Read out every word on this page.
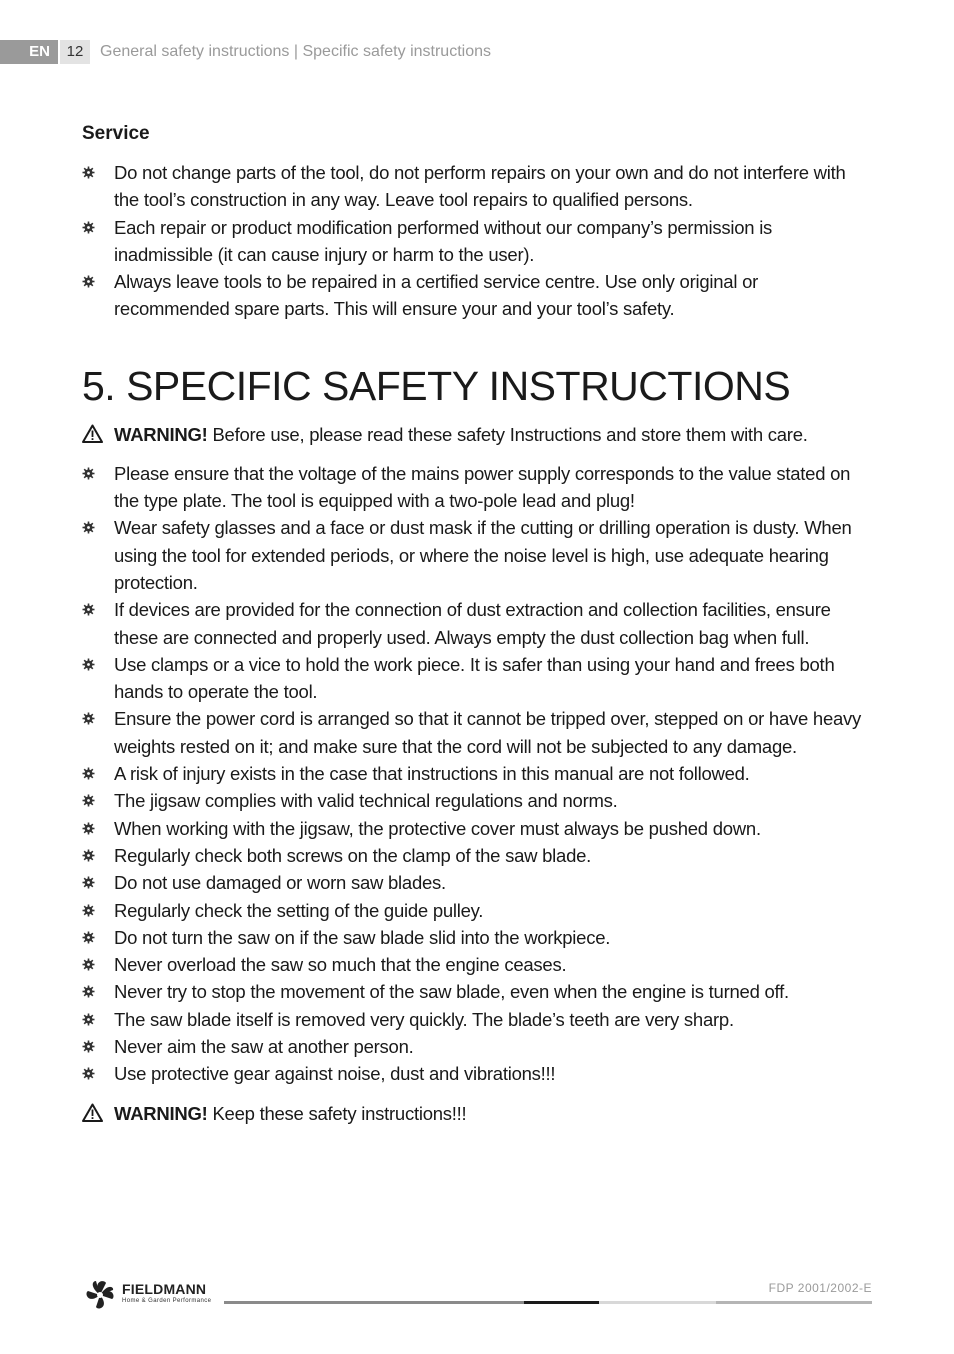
EN	12	General safety instructions | Specific safety instructions
Service
Do not change parts of the tool, do not perform repairs on your own and do not interfere with the tool’s construction in any way. Leave tool repairs to qualified persons.
Each repair or product modification performed without our company’s permission is inadmissible (it can cause injury or harm to the user).
Always leave tools to be repaired in a certified service centre. Use only original or recommended spare parts. This will ensure your and your tool’s safety.
5. SPECIFIC SAFETY INSTRUCTIONS
WARNING! Before use, please read these safety Instructions and store them with care.
Please ensure that the voltage of the mains power supply corresponds to the value stated on the type plate. The tool is equipped with a two-pole lead and plug!
Wear safety glasses and a face or dust mask if the cutting or drilling operation is dusty. When using the tool for extended periods, or where the noise level is high, use adequate hearing protection.
If devices are provided for the connection of dust extraction and collection facilities, ensure these are connected and properly used. Always empty the dust collection bag when full.
Use clamps or a vice to hold the work piece. It is safer than using your hand and frees both hands to operate the tool.
Ensure the power cord is arranged so that it cannot be tripped over, stepped on or have heavy weights rested on it; and make sure that the cord will not be subjected to any damage.
A risk of injury exists in the case that instructions in this manual are not followed.
The jigsaw complies with valid technical regulations and norms.
When working with the jigsaw, the protective cover must always be pushed down.
Regularly check both screws on the clamp of the saw blade.
Do not use damaged or worn saw blades.
Regularly check the setting of the guide pulley.
Do not turn the saw on if the saw blade slid into the workpiece.
Never overload the saw so much that the engine ceases.
Never try to stop the movement of the saw blade, even when the engine is turned off.
The saw blade itself is removed very quickly. The blade’s teeth are very sharp.
Never aim the saw at another person.
Use protective gear against noise, dust and vibrations!!!
WARNING! Keep these safety instructions!!!
FIELDMANN
Home & Garden Performance
FDP 2001/2002-E
